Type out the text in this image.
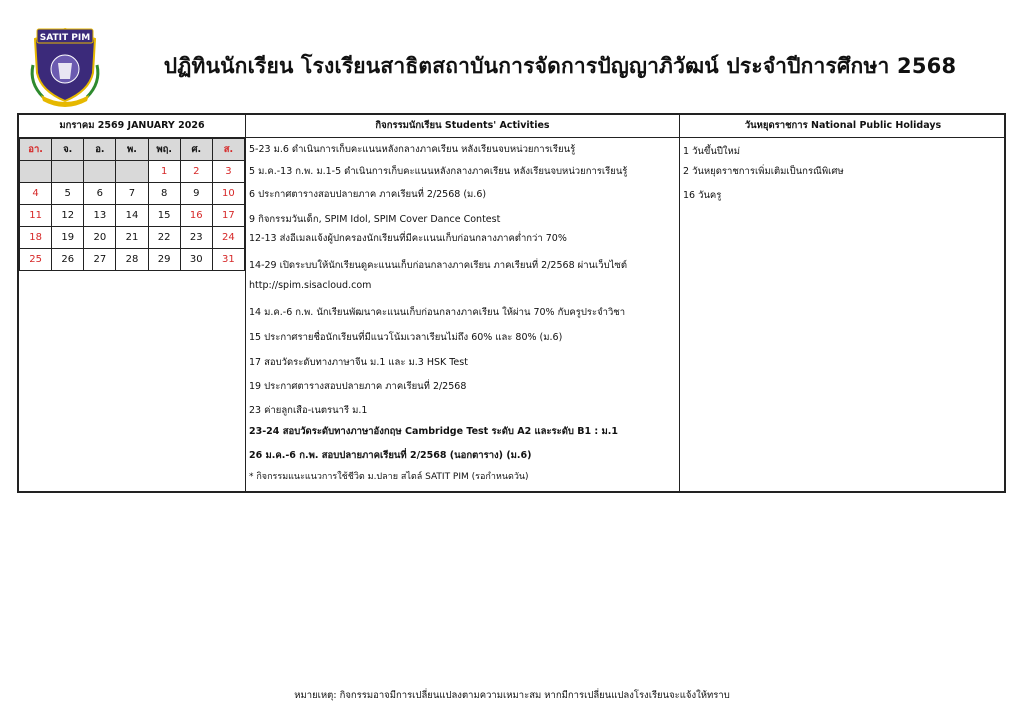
SATIT PIM
ปฏิทินนักเรียน โรงเรียนสาธิตสถาบันการจัดการปัญญาภิวัฒน์ ประจำปีการศึกษา 2568
มกราคม 2569 JANUARY 2026	กิจกรรมนักเรียน Students' Activities	วันหยุดราชการ National Public Holidays
อา.	จ.	อ.	พ.	พฤ.	ศ.	ส.
				1	2	3
4	5	6	7	8	9	10
11	12	13	14	15	16	17
18	19	20	21	22	23	24
25	26	27	28	29	30	31
5-23 ม.6 ดำเนินการเก็บคะแนนหลังกลางภาคเรียน หลังเรียนจบหน่วยการเรียนรู้
5 ม.ค.-13 ก.พ. ม.1-5 ดำเนินการเก็บคะแนนหลังกลางภาคเรียน หลังเรียนจบหน่วยการเรียนรู้
6 ประกาศตารางสอบปลายภาค ภาคเรียนที่ 2/2568 (ม.6)
9 กิจกรรมวันเด็ก, SPIM Idol, SPIM Cover Dance Contest
12-13 ส่งอีเมลแจ้งผู้ปกครองนักเรียนที่มีคะแนนเก็บก่อนกลางภาคต่ำกว่า 70%
14-29 เปิดระบบให้นักเรียนดูคะแนนเก็บก่อนกลางภาคเรียน ภาคเรียนที่ 2/2568 ผ่านเว็บไซต์
http://spim.sisacloud.com
14 ม.ค.-6 ก.พ. นักเรียนพัฒนาคะแนนเก็บก่อนกลางภาคเรียน ให้ผ่าน 70% กับครูประจำวิชา
15 ประกาศรายชื่อนักเรียนที่มีแนวโน้มเวลาเรียนไม่ถึง 60% และ 80% (ม.6)
17 สอบวัดระดับทางภาษาจีน ม.1 และ ม.3 HSK Test
19 ประกาศตารางสอบปลายภาค ภาคเรียนที่ 2/2568
23 ค่ายลูกเสือ-เนตรนารี ม.1
23-24 สอบวัดระดับทางภาษาอังกฤษ Cambridge Test ระดับ A2 และระดับ B1 : ม.1
26 ม.ค.-6 ก.พ. สอบปลายภาคเรียนที่ 2/2568 (นอกตาราง) (ม.6)
* กิจกรรมแนะแนวการใช้ชีวิต ม.ปลาย สไตล์ SATIT PIM (รอกำหนดวัน)
1 วันขึ้นปีใหม่
2 วันหยุดราชการเพิ่มเติมเป็นกรณีพิเศษ
16 วันครู
หมายเหตุ: กิจกรรมอาจมีการเปลี่ยนแปลงตามความเหมาะสม หากมีการเปลี่ยนแปลงโรงเรียนจะแจ้งให้ทราบ
